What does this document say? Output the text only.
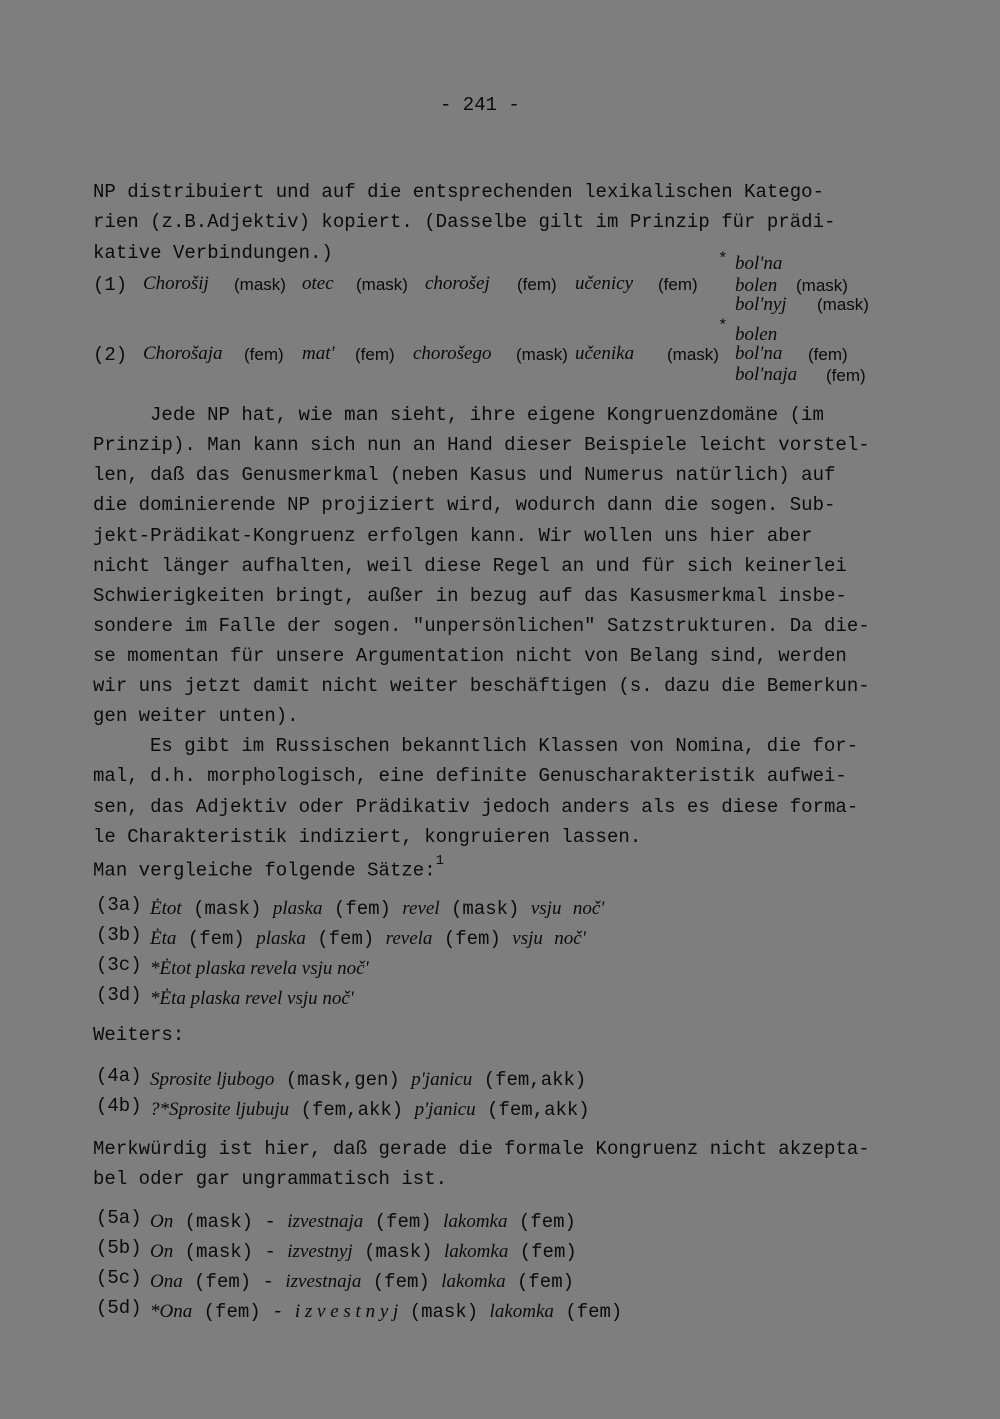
- 241 -
NP distribuiert und auf die entsprechenden lexikalischen Katego-
rien (z.B.Adjektiv) kopiert. (Dasselbe gilt im Prinzip für prädi-
kative Verbindungen.)
(1) Chorošij (mask) otec (mask) chorošej (fem) učenicy (fem)
* bol'na
bolen (mask)
bol'nyj (mask)
* bolen
(2) Chorošaja (fem) mat' (fem) chorošego (mask) učenika (mask) bol'na (fem)
bol'naja (fem)
Jede NP hat, wie man sieht, ihre eigene Kongruenzdomäne (im
Prinzip). Man kann sich nun an Hand dieser Beispiele leicht vorstel-
len, daß das Genusmerkmal (neben Kasus und Numerus natürlich) auf
die dominierende NP projiziert wird, wodurch dann die sogen. Sub-
jekt-Prädikat-Kongruenz erfolgen kann. Wir wollen uns hier aber
nicht länger aufhalten, weil diese Regel an und für sich keinerlei
Schwierigkeiten bringt, außer in bezug auf das Kasusmerkmal insbe-
sondere im Falle der sogen. "unpersönlichen" Satzstrukturen. Da die-
se momentan für unsere Argumentation nicht von Belang sind, werden
wir uns jetzt damit nicht weiter beschäftigen (s. dazu die Bemerkun-
gen weiter unten).
Es gibt im Russischen bekanntlich Klassen von Nomina, die for-
mal, d.h. morphologisch, eine definite Genuscharakteristik aufwei-
sen, das Adjektiv oder Prädikativ jedoch anders als es diese forma-
le Charakteristik indiziert, kongruieren lassen.
Man vergleiche folgende Sätze:$^1$
(3a) Ėtot (mask) plaska (fem) revel (mask) vsju noč'
(3b) Ėta (fem) plaska (fem) revela (fem) vsju noč'
(3c) *Ėtot plaska revela vsju noč'
(3d) *Ėta plaska revel vsju noč'
Weiters:
(4a) Sprosite ljubogo (mask,gen) p'janicu (fem,akk)
(4b) ?*Sprosite ljubuju (fem,akk) p'janicu (fem,akk)
Merkwürdig ist hier, daß gerade die formale Kongruenz nicht akzepta-
bel oder gar ungrammatisch ist.
(5a) On (mask) - izvestnaja (fem) lakomka (fem)
(5b) On (mask) - izvestnyj (mask) lakomka (fem)
(5c) Ona (fem) - izvestnaja (fem) lakomka (fem)
(5d) *Ona (fem) - i z v e s t n y j (mask) lakomka (fem)
